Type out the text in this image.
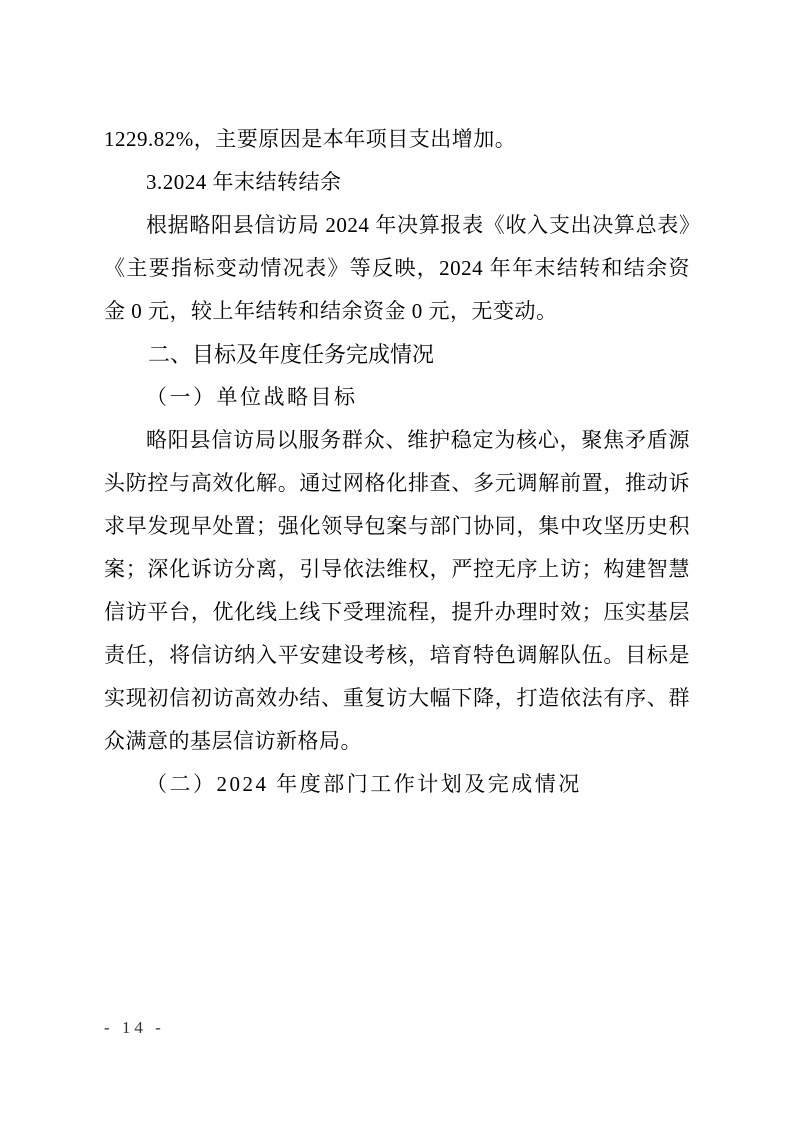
1229.82%，主要原因是本年项目支出增加。

3.2024 年末结转结余

根据略阳县信访局 2024 年决算报表《收入支出决算总表》《主要指标变动情况表》等反映，2024 年年末结转和结余资金 0 元，较上年结转和结余资金 0 元，无变动。

二、目标及年度任务完成情况
（一）单位战略目标

略阳县信访局以服务群众、维护稳定为核心，聚焦矛盾源头防控与高效化解。通过网格化排查、多元调解前置，推动诉求早发现早处置；强化领导包案与部门协同，集中攻坚历史积案；深化诉访分离，引导依法维权，严控无序上访；构建智慧信访平台，优化线上线下受理流程，提升办理时效；压实基层责任，将信访纳入平安建设考核，培育特色调解队伍。目标是实现初信初访高效办结、重复访大幅下降，打造依法有序、群众满意的基层信访新格局。

（二）2024 年度部门工作计划及完成情况
- 14 -
